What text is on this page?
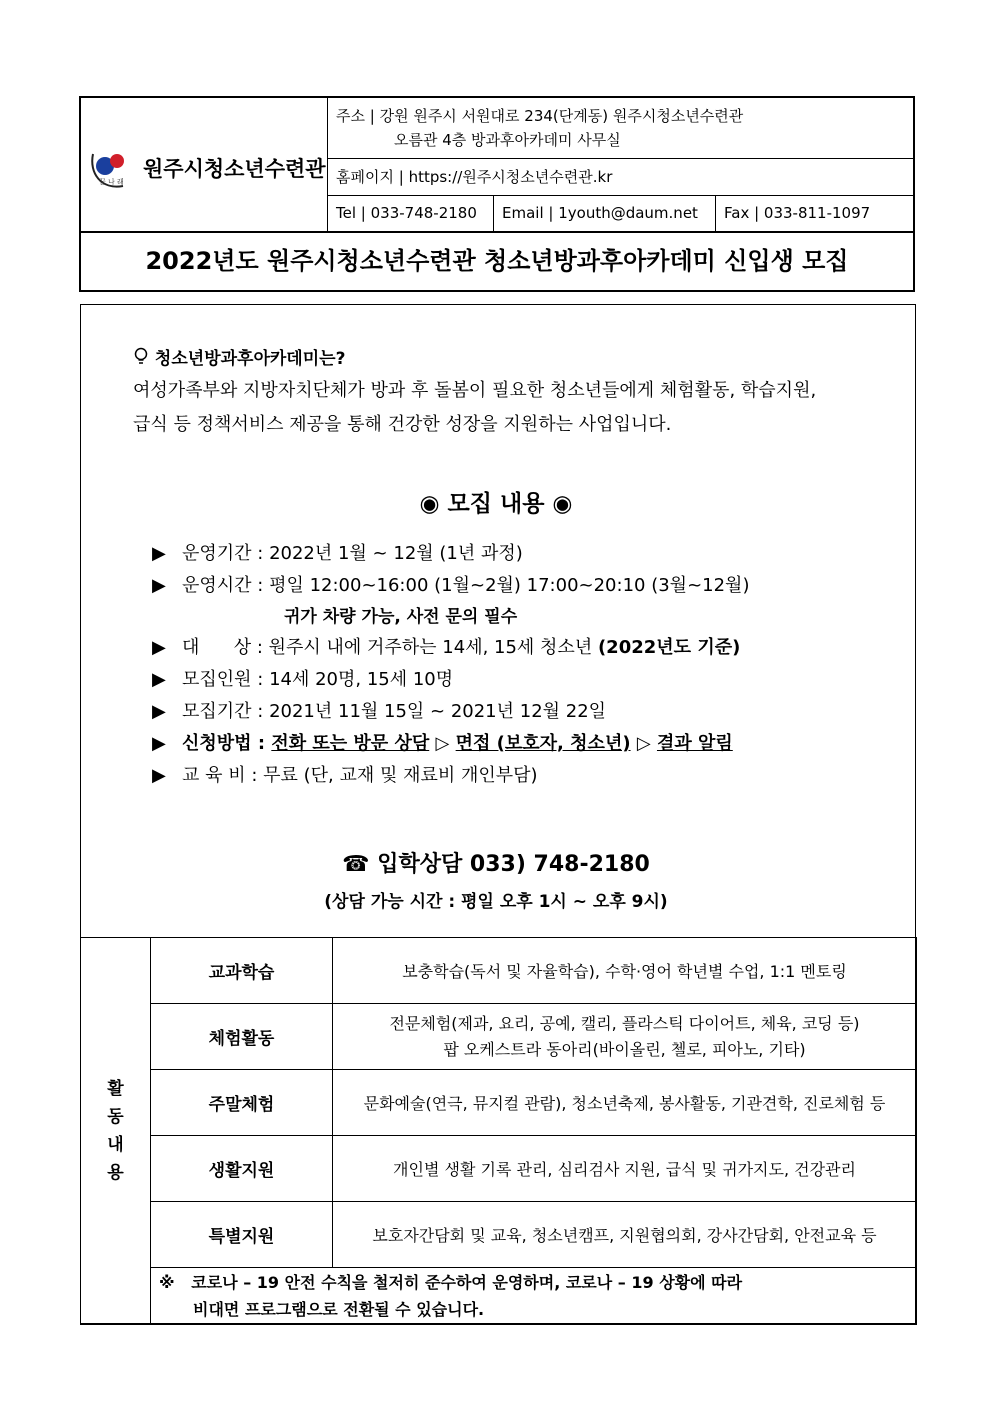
꿈 나 래
원주시청소년수련관
주소 | 강원 원주시 서원대로 234(단계동) 원주시청소년수련관
오름관 4층 방과후아카데미 사무실
홈페이지 | https://원주시청소년수련관.kr
Tel | 033-748-2180	Email | 1youth@daum.net	Fax | 033-811-1097
2022년도 원주시청소년수련관 청소년방과후아카데미 신입생 모집
청소년방과후아카데미는?
여성가족부와 지방자치단체가 방과 후 돌봄이 필요한 청소년들에게 체험활동, 학습지원,
급식 등 정책서비스 제공을 통해 건강한 성장을 지원하는 사업입니다.
◉ 모집 내용 ◉
▶ 운영기간 : 2022년 1월 ~ 12월 (1년 과정)
▶ 운영시간 : 평일 12:00~16:00 (1월~2월) 17:00~20:10 (3월~12월)
귀가 차량 가능, 사전 문의 필수
▶ 대      상 : 원주시 내에 거주하는 14세, 15세 청소년 (2022년도 기준)
▶ 모집인원 : 14세 20명, 15세 10명
▶ 모집기간 : 2021년 11월 15일 ~ 2021년 12월 22일
▶ 신청방법 : 전화 또는 방문 상담 ▷ 면접 (보호자, 청소년) ▷ 결과 알림
▶ 교 육 비 : 무료 (단, 교재 및 재료비 개인부담)
☎ 입학상담 033) 748-2180
(상담 가능 시간 : 평일 오후 1시 ~ 오후 9시)
활
동
내
용	교과학습	보충학습(독서 및 자율학습), 수학·영어 학년별 수업, 1:1 멘토링
	체험활동	전문체험(제과, 요리, 공예, 캘리, 플라스틱 다이어트, 체육, 코딩 등)
팝 오케스트라 동아리(바이올린, 첼로, 피아노, 기타)

	주말체험	문화예술(연극, 뮤지컬 관람), 청소년축제, 봉사활동, 기관견학, 진로체험 등
	생활지원	개인별 생활 기록 관리, 심리검사 지원, 급식 및 귀가지도, 건강관리
	특별지원	보호자간담회 및 교육, 청소년캠프, 지원협의회, 강사간담회, 안전교육 등

	※ 코로나 – 19 안전 수칙을 철저히 준수하여 운영하며, 코로나 – 19 상황에 따라
비대면 프로그램으로 전환될 수 있습니다.	
